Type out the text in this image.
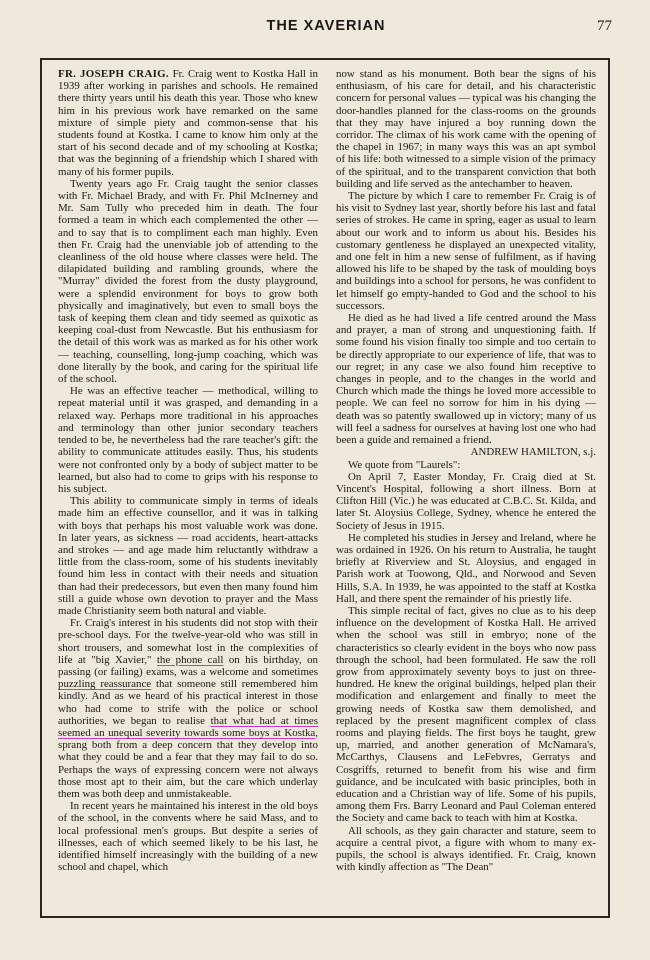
THE XAVERIAN	77

FR. JOSEPH CRAIG. Fr. Craig went to Kostka Hall in 1939 after working in parishes and schools. He remained there thirty years until his death this year. Those who knew him in his previous work have remarked on the same mixture of simple piety and common-sense that his students found at Kostka. I came to know him only at the start of his second decade and of my schooling at Kostka; that was the beginning of a friendship which I shared with many of his former pupils.

Twenty years ago Fr. Craig taught the senior classes with Fr. Michael Brady, and with Fr. Phil McInerney and Mr. Sam Tully who preceded him in death. The four formed a team in which each complemented the other — and to say that is to compliment each man highly. Even then Fr. Craig had the unenviable job of attending to the cleanliness of the old house where classes were held. The dilapidated building and rambling grounds, where the "Murray" divided the forest from the dusty playground, were a splendid environment for boys to grow both physically and imaginatively, but even to small boys the task of keeping them clean and tidy seemed as quixotic as keeping coal-dust from Newcastle. But his enthusiasm for the detail of this work was as marked as for his other work — teaching, counselling, long-jump coaching, which was done literally by the book, and caring for the spiritual life of the school.

He was an effective teacher — methodical, willing to repeat material until it was grasped, and demanding in a relaxed way. Perhaps more traditional in his approaches and terminology than other junior secondary teachers tended to be, he nevertheless had the rare teacher's gift: the ability to communicate attitudes easily. Thus, his students were not confronted only by a body of subject matter to be learned, but also had to come to grips with his response to his subject.

This ability to communicate simply in terms of ideals made him an effective counsellor, and it was in talking with boys that perhaps his most valuable work was done. In later years, as sickness — road accidents, heart-attacks and strokes — and age made him reluctantly withdraw a little from the class-room, some of his students inevitably found him less in contact with their needs and situation than had their predecessors, but even then many found him still a guide whose own devotion to prayer and the Mass made Christianity seem both natural and viable.

Fr. Craig's interest in his students did not stop with their pre-school days. For the twelve-year-old who was still in short trousers, and somewhat lost in the complexities of life at "big Xavier," the phone call on his birthday, on passing (or failing) exams, was a welcome and sometimes puzzling reassurance that someone still remembered him kindly. And as we heard of his practical interest in those who had come to strife with the police or school authorities, we began to realise that what had at times seemed an unequal severity towards some boys at Kostka, sprang both from a deep concern that they develop into what they could be and a fear that they may fail to do so. Perhaps the ways of expressing concern were not always those most apt to their aim, but the care which underlay them was both deep and unmistakeable.

In recent years he maintained his interest in the old boys of the school, in the convents where he said Mass, and to local professional men's groups. But despite a series of illnesses, each of which seemed likely to be his last, he identified himself increasingly with the building of a new school and chapel, which

now stand as his monument. Both bear the signs of his enthusiasm, of his care for detail, and his characteristic concern for personal values — typical was his changing the door-handles planned for the class-rooms on the grounds that they may have injured a boy running down the corridor. The climax of his work came with the opening of the chapel in 1967; in many ways this was an apt symbol of his life: both witnessed to a simple vision of the primacy of the spiritual, and to the transparent conviction that both building and life served as the antechamber to heaven.

The picture by which I care to remember Fr. Craig is of his visit to Sydney last year, shortly before his last and fatal series of strokes. He came in spring, eager as usual to learn about our work and to inform us about his. Besides his customary gentleness he displayed an unexpected vitality, and one felt in him a new sense of fulfilment, as if having allowed his life to be shaped by the task of moulding boys and buildings into a school for persons, he was confident to let himself go empty-handed to God and the school to his successors.

He died as he had lived a life centred around the Mass and prayer, a man of strong and unquestioning faith. If some found his vision finally too simple and too certain to be directly appropriate to our experience of life, that was to our regret; in any case we also found him receptive to changes in people, and to the changes in the world and Church which made the things he loved more accessible to people. We can feel no sorrow for him in his dying — death was so patently swallowed up in victory; many of us will feel a sadness for ourselves at having lost one who had been a guide and remained a friend.

ANDREW HAMILTON, s.j.

We quote from "Laurels":

On April 7, Easter Monday, Fr. Craig died at St. Vincent's Hospital, following a short illness. Born at Clifton Hill (Vic.) he was educated at C.B.C. St. Kilda, and later St. Aloysius College, Sydney, whence he entered the Society of Jesus in 1915.

He completed his studies in Jersey and Ireland, where he was ordained in 1926. On his return to Australia, he taught briefly at Riverview and St. Aloysius, and engaged in Parish work at Toowong, Qld., and Norwood and Seven Hills, S.A. In 1939, he was appointed to the staff at Kostka Hall, and there spent the remainder of his priestly life.

This simple recital of fact, gives no clue as to his deep influence on the development of Kostka Hall. He arrived when the school was still in embryo; none of the characteristics so clearly evident in the boys who now pass through the school, had been formulated. He saw the roll grow from approximately seventy boys to just on three-hundred. He knew the original buildings, helped plan their modification and enlargement and finally to meet the growing needs of Kostka saw them demolished, and replaced by the present magnificent complex of class rooms and playing fields. The first boys he taught, grew up, married, and another generation of McNamara's, McCarthys, Clausens and LeFebvres, Gerratys and Cosgriffs, returned to benefit from his wise and firm guidance, and be inculcated with basic principles, both in education and a Christian way of life. Some of his pupils, among them Frs. Barry Leonard and Paul Coleman entered the Society and came back to teach with him at Kostka.

All schools, as they gain character and stature, seem to acquire a central pivot, a figure with whom to many ex-pupils, the school is always identified. Fr. Craig, known with kindly affection as "The Dean"
